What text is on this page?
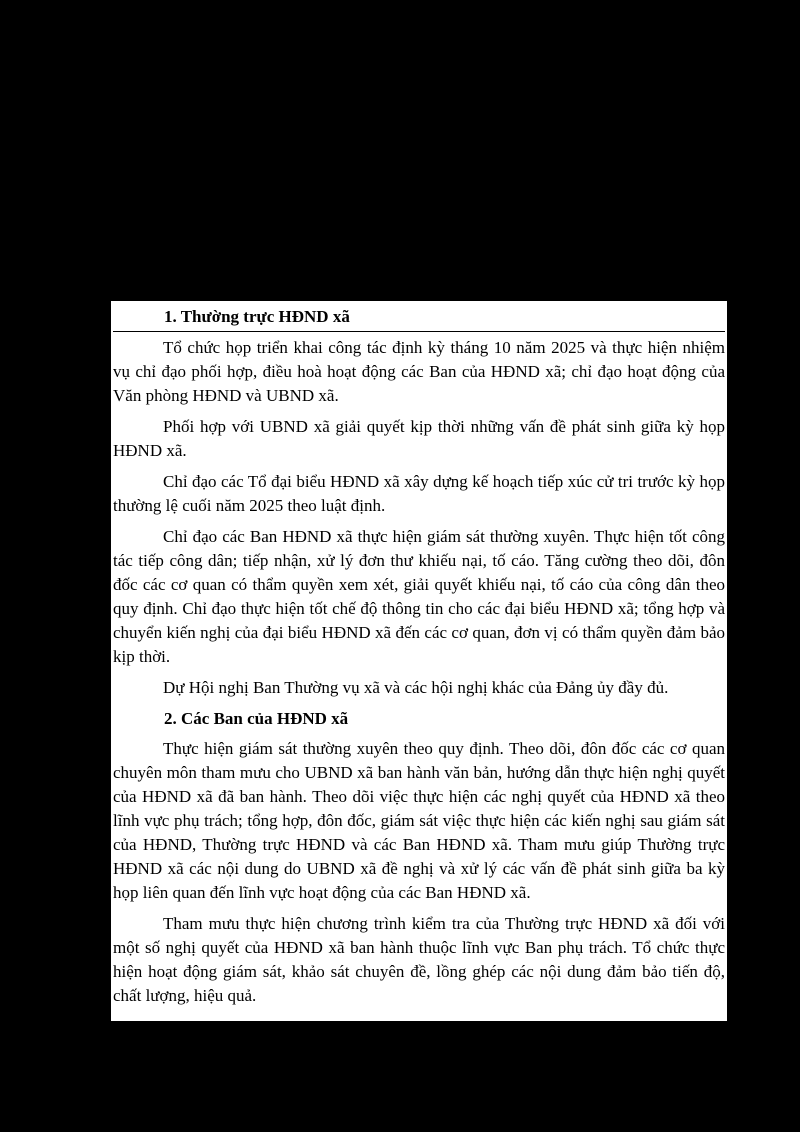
1. Thường trực HĐND xã

Tổ chức họp triển khai công tác định kỳ tháng 10 năm 2025 và thực hiện nhiệm vụ chỉ đạo phối hợp, điều hoà hoạt động các Ban của HĐND xã; chỉ đạo hoạt động của Văn phòng HĐND và UBND xã.

Phối hợp với UBND xã giải quyết kịp thời những vấn đề phát sinh giữa kỳ họp HĐND xã.

Chỉ đạo các Tổ đại biểu HĐND xã xây dựng kế hoạch tiếp xúc cử tri trước kỳ họp thường lệ cuối năm 2025 theo luật định.

Chỉ đạo các Ban HĐND xã thực hiện giám sát thường xuyên. Thực hiện tốt công tác tiếp công dân; tiếp nhận, xử lý đơn thư khiếu nại, tố cáo. Tăng cường theo dõi, đôn đốc các cơ quan có thẩm quyền xem xét, giải quyết khiếu nại, tố cáo của công dân theo quy định. Chỉ đạo thực hiện tốt chế độ thông tin cho các đại biểu HĐND xã; tổng hợp và chuyển kiến nghị của đại biểu HĐND xã đến các cơ quan, đơn vị có thẩm quyền đảm bảo kịp thời.

Dự Hội nghị Ban Thường vụ xã và các hội nghị khác của Đảng ủy đầy đủ.

2. Các Ban của HĐND xã

Thực hiện giám sát thường xuyên theo quy định. Theo dõi, đôn đốc các cơ quan chuyên môn tham mưu cho UBND xã ban hành văn bản, hướng dẫn thực hiện nghị quyết của HĐND xã đã ban hành. Theo dõi việc thực hiện các nghị quyết của HĐND xã theo lĩnh vực phụ trách; tổng hợp, đôn đốc, giám sát việc thực hiện các kiến nghị sau giám sát của HĐND, Thường trực HĐND và các Ban HĐND xã. Tham mưu giúp Thường trực HĐND xã các nội dung do UBND xã đề nghị và xử lý các vấn đề phát sinh giữa ba kỳ họp liên quan đến lĩnh vực hoạt động của các Ban HĐND xã.

Tham mưu thực hiện chương trình kiểm tra của Thường trực HĐND xã đối với một số nghị quyết của HĐND xã ban hành thuộc lĩnh vực Ban phụ trách. Tổ chức thực hiện hoạt động giám sát, khảo sát chuyên đề, lồng ghép các nội dung đảm bảo tiến độ, chất lượng, hiệu quả.
